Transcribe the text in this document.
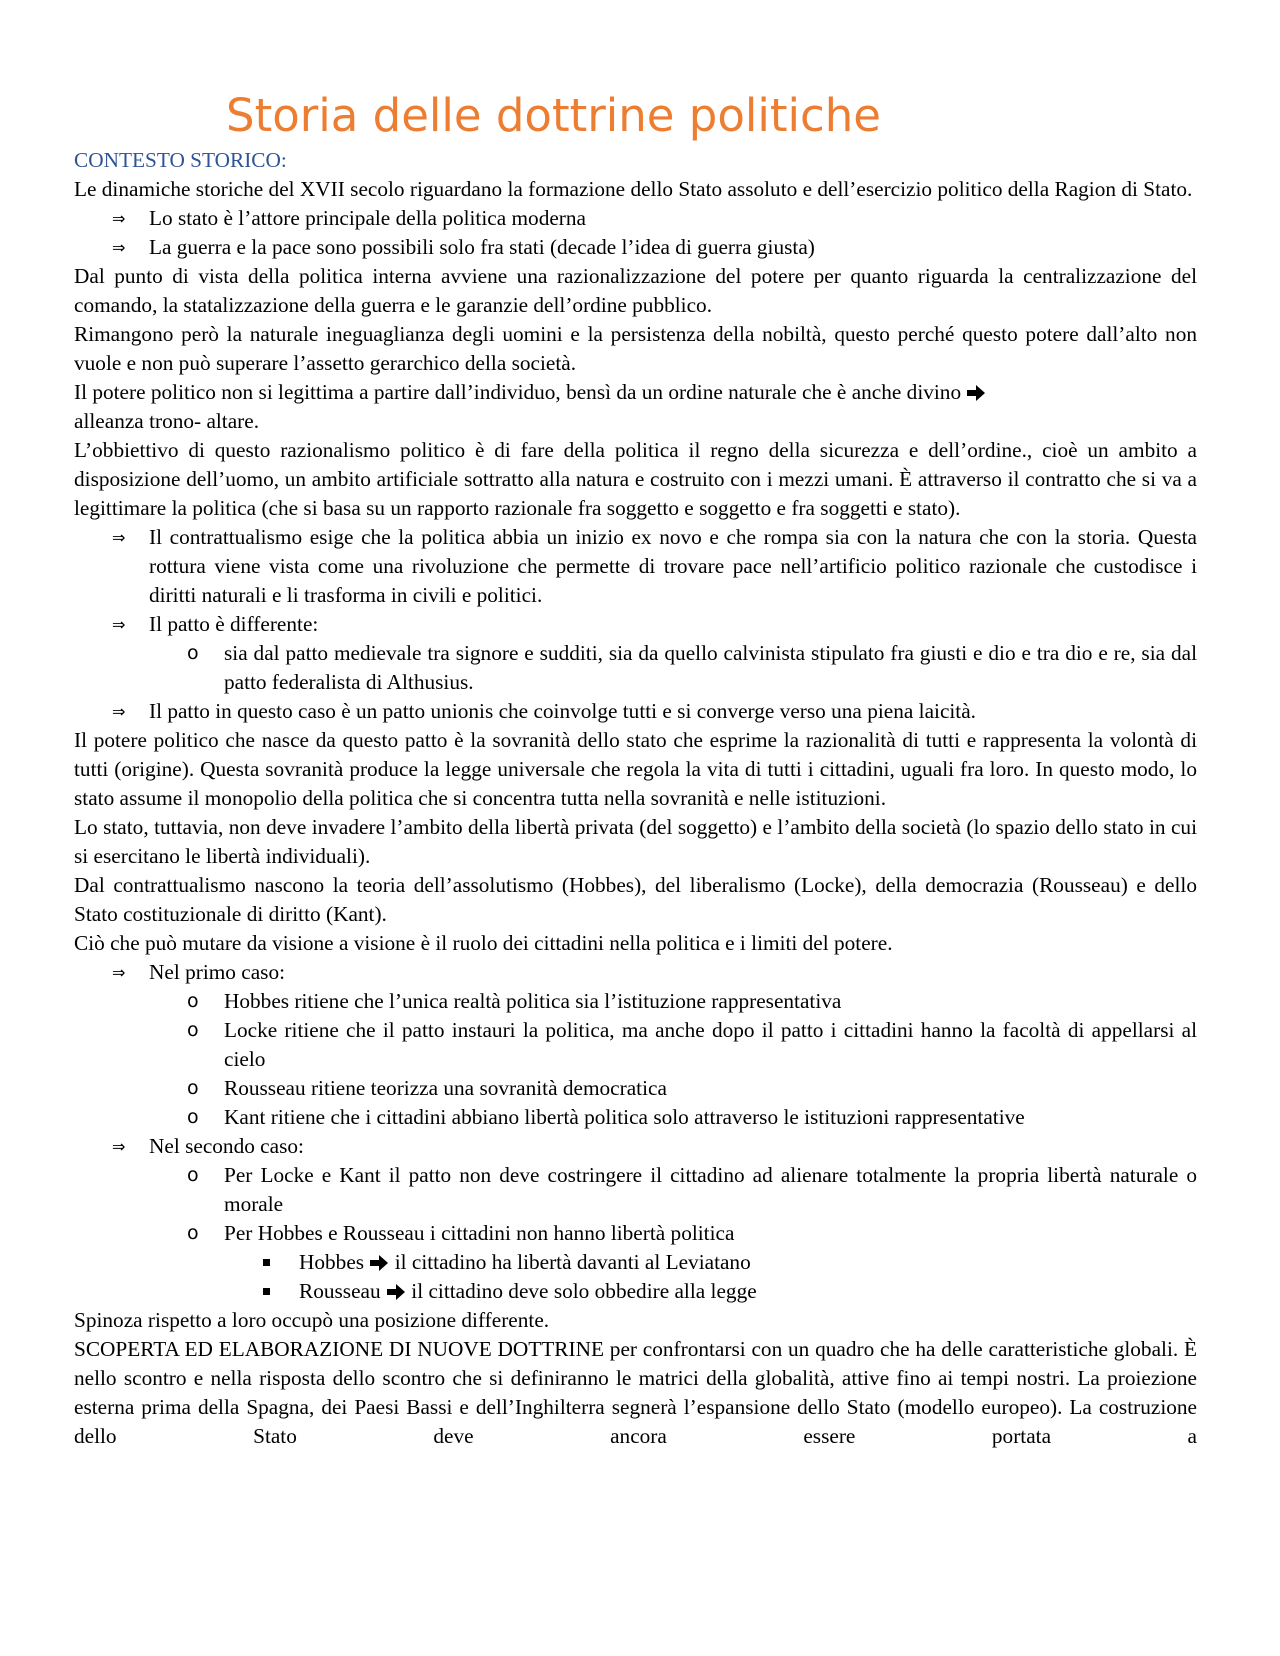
Storia delle dottrine politiche

CONTESTO STORICO:

Le dinamiche storiche del XVII secolo riguardano la formazione dello Stato assoluto e dell’esercizio politico della Ragion di Stato.

⇒ Lo stato è l’attore principale della politica moderna
⇒ La guerra e la pace sono possibili solo fra stati (decade l’idea di guerra giusta)

Dal punto di vista della politica interna avviene una razionalizzazione del potere per quanto riguarda la centralizzazione del comando, la statalizzazione della guerra e le garanzie dell’ordine pubblico.

Rimangono però la naturale ineguaglianza degli uomini e la persistenza della nobiltà, questo perché questo potere dall’alto non vuole e non può superare l’assetto gerarchico della società.

Il potere politico non si legittima a partire dall’individuo, bensì da un ordine naturale che è anche divino
alleanza trono- altare.

L’obbiettivo di questo razionalismo politico è di fare della politica il regno della sicurezza e dell’ordine., cioè un ambito a disposizione dell’uomo, un ambito artificiale sottratto alla natura e costruito con i mezzi umani. È attraverso il contratto che si va a legittimare la politica (che si basa su un rapporto razionale fra soggetto e soggetto e fra soggetti e stato).

⇒ Il contrattualismo esige che la politica abbia un inizio ex novo e che rompa sia con la natura che con la storia. Questa rottura viene vista come una rivoluzione che permette di trovare pace nell’artificio politico razionale che custodisce i diritti naturali e li trasforma in civili e politici.
⇒ Il patto è differente:
o sia dal patto medievale tra signore e sudditi, sia da quello calvinista stipulato fra giusti e dio e tra dio e re, sia dal patto federalista di Althusius.
⇒ Il patto in questo caso è un patto unionis che coinvolge tutti e si converge verso una piena laicità.

Il potere politico che nasce da questo patto è la sovranità dello stato che esprime la razionalità di tutti e rappresenta la volontà di tutti (origine). Questa sovranità produce la legge universale che regola la vita di tutti i cittadini, uguali fra loro. In questo modo, lo stato assume il monopolio della politica che si concentra tutta nella sovranità e nelle istituzioni.

Lo stato, tuttavia, non deve invadere l’ambito della libertà privata (del soggetto) e l’ambito della società (lo spazio dello stato in cui si esercitano le libertà individuali).

Dal contrattualismo nascono la teoria dell’assolutismo (Hobbes), del liberalismo (Locke), della democrazia (Rousseau) e dello Stato costituzionale di diritto (Kant).

Ciò che può mutare da visione a visione è il ruolo dei cittadini nella politica e i limiti del potere.

⇒ Nel primo caso:
o Hobbes ritiene che l’unica realtà politica sia l’istituzione rappresentativa
o Locke ritiene che il patto instauri la politica, ma anche dopo il patto i cittadini hanno la facoltà di appellarsi al cielo
o Rousseau ritiene teorizza una sovranità democratica
o Kant ritiene che i cittadini abbiano libertà politica solo attraverso le istituzioni rappresentative
⇒ Nel secondo caso:
o Per Locke e Kant il patto non deve costringere il cittadino ad alienare totalmente la propria libertà naturale o morale
o Per Hobbes e Rousseau i cittadini non hanno libertà politica
Hobbes il cittadino ha libertà davanti al Leviatano
Rousseau il cittadino deve solo obbedire alla legge

Spinoza rispetto a loro occupò una posizione differente.

SCOPERTA ED ELABORAZIONE DI NUOVE DOTTRINE per confrontarsi con un quadro che ha delle caratteristiche globali. È nello scontro e nella risposta dello scontro che si definiranno le matrici della globalità, attive fino ai tempi nostri. La proiezione esterna prima della Spagna, dei Paesi Bassi e dell’Inghilterra segnerà l’espansione dello Stato (modello europeo). La costruzione dello Stato deve ancora essere portata a
